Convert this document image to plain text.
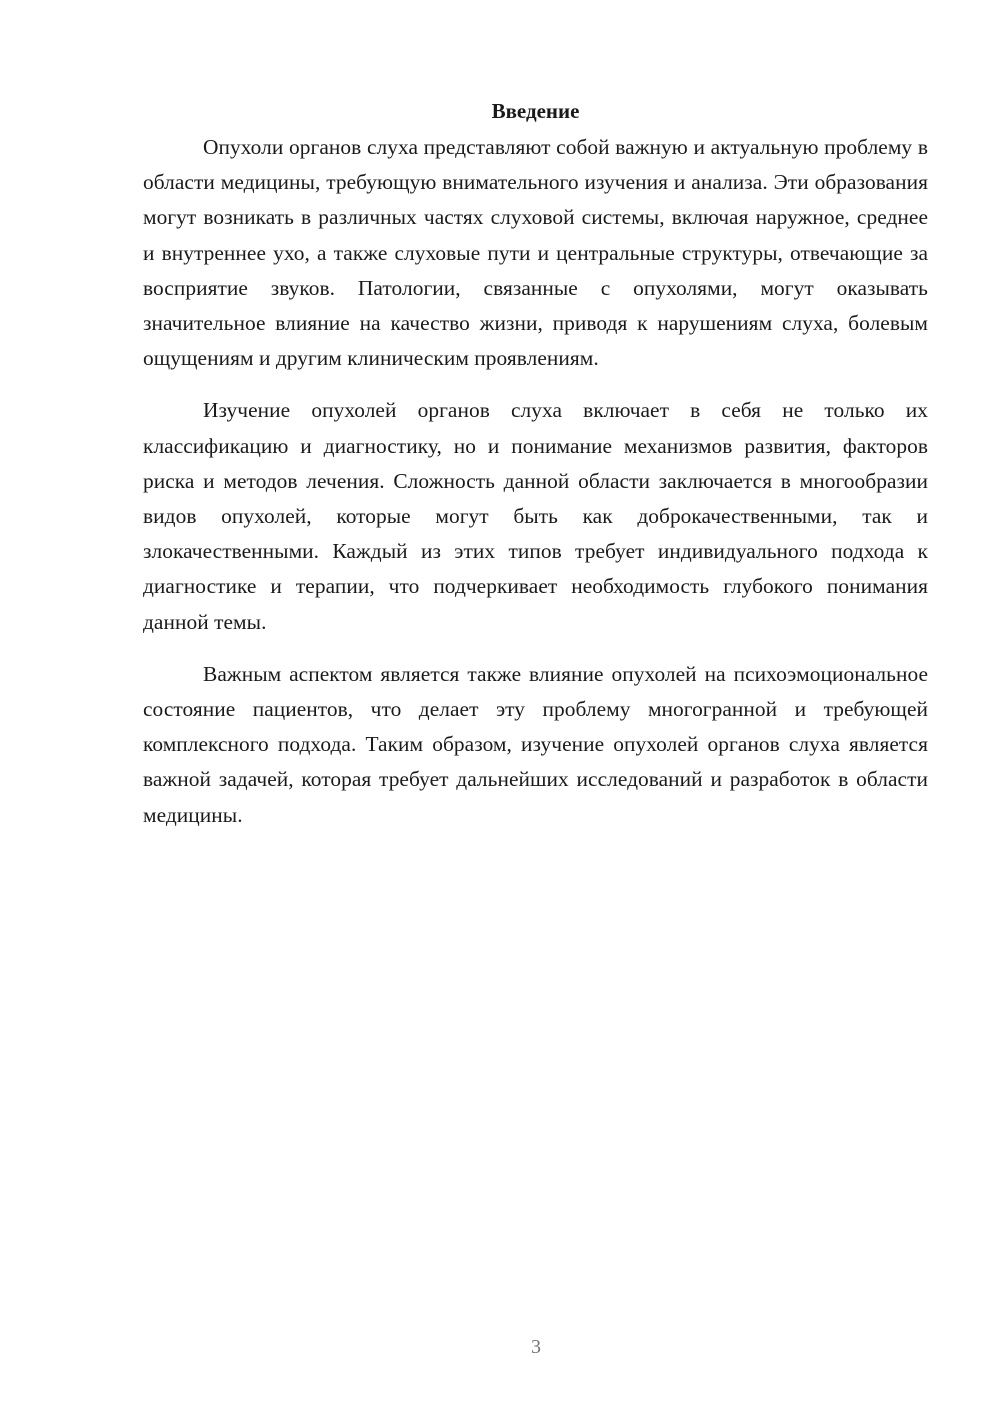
Введение

Опухоли органов слуха представляют собой важную и актуальную проблему в области медицины, требующую внимательного изучения и анализа. Эти образования могут возникать в различных частях слуховой системы, включая наружное, среднее и внутреннее ухо, а также слуховые пути и центральные структуры, отвечающие за восприятие звуков. Патологии, связанные с опухолями, могут оказывать значительное влияние на качество жизни, приводя к нарушениям слуха, болевым ощущениям и другим клиническим проявлениям.

Изучение опухолей органов слуха включает в себя не только их классификацию и диагностику, но и понимание механизмов развития, факторов риска и методов лечения. Сложность данной области заключается в многообразии видов опухолей, которые могут быть как доброкачественными, так и злокачественными. Каждый из этих типов требует индивидуального подхода к диагностике и терапии, что подчеркивает необходимость глубокого понимания данной темы.

Важным аспектом является также влияние опухолей на психоэмоциональное состояние пациентов, что делает эту проблему многогранной и требующей комплексного подхода. Таким образом, изучение опухолей органов слуха является важной задачей, которая требует дальнейших исследований и разработок в области медицины.

3
